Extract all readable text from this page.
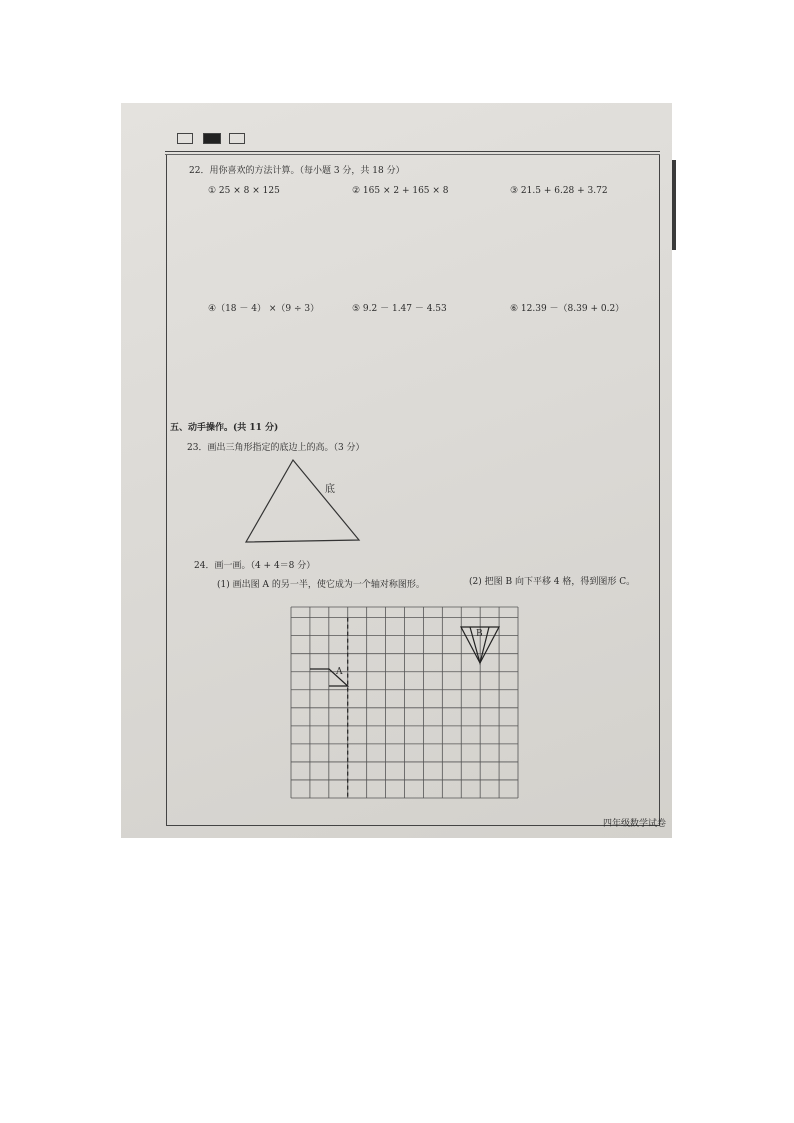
22．用你喜欢的方法计算。（每小题 3 分，共 18 分）
① 25 × 8 × 125	② 165 × 2 + 165 × 8	③ 21.5 + 6.28 + 3.72
④（18 － 4） ×（9 ÷ 3）	⑤ 9.2 － 1.47 － 4.53	⑥ 12.39 －（8.39 + 0.2）
五、动手操作。(共 11 分)
23．画出三角形指定的底边上的高。（3 分）
底
24．画一画。（4 + 4＝8 分）
(1) 画出图 A 的另一半，使它成为一个轴对称图形。	(2) 把图 B 向下平移 4 格，得到图形 C。
A
B
四年级数学试卷
